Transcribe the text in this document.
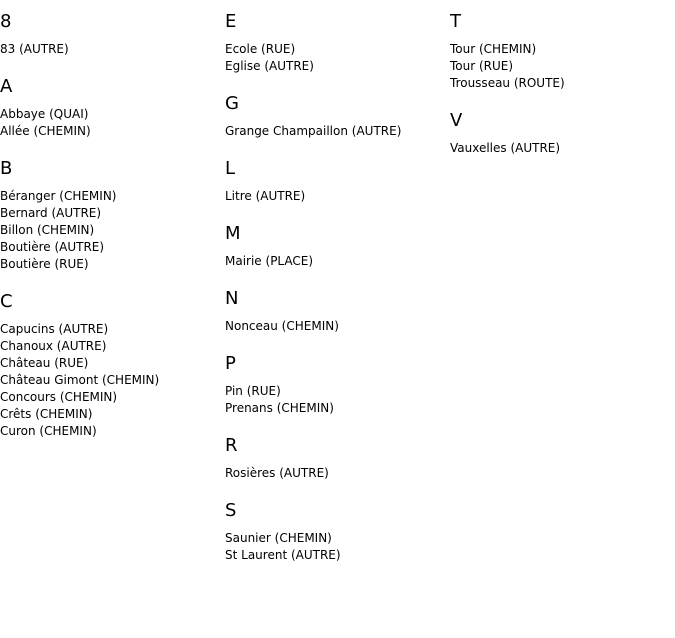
8
83 (AUTRE)
A
Abbaye (QUAI)
Allée (CHEMIN)
B
Béranger (CHEMIN)
Bernard (AUTRE)
Billon (CHEMIN)
Boutière (AUTRE)
Boutière (RUE)
C
Capucins (AUTRE)
Chanoux (AUTRE)
Château (RUE)
Château Gimont (CHEMIN)
Concours (CHEMIN)
Crêts (CHEMIN)
Curon (CHEMIN)
E
Ecole (RUE)
Eglise (AUTRE)
G
Grange Champaillon (AUTRE)
L
Litre (AUTRE)
M
Mairie (PLACE)
N
Nonceau (CHEMIN)
P
Pin (RUE)
Prenans (CHEMIN)
R
Rosières (AUTRE)
S
Saunier (CHEMIN)
St Laurent (AUTRE)
T
Tour (CHEMIN)
Tour (RUE)
Trousseau (ROUTE)
V
Vauxelles (AUTRE)
